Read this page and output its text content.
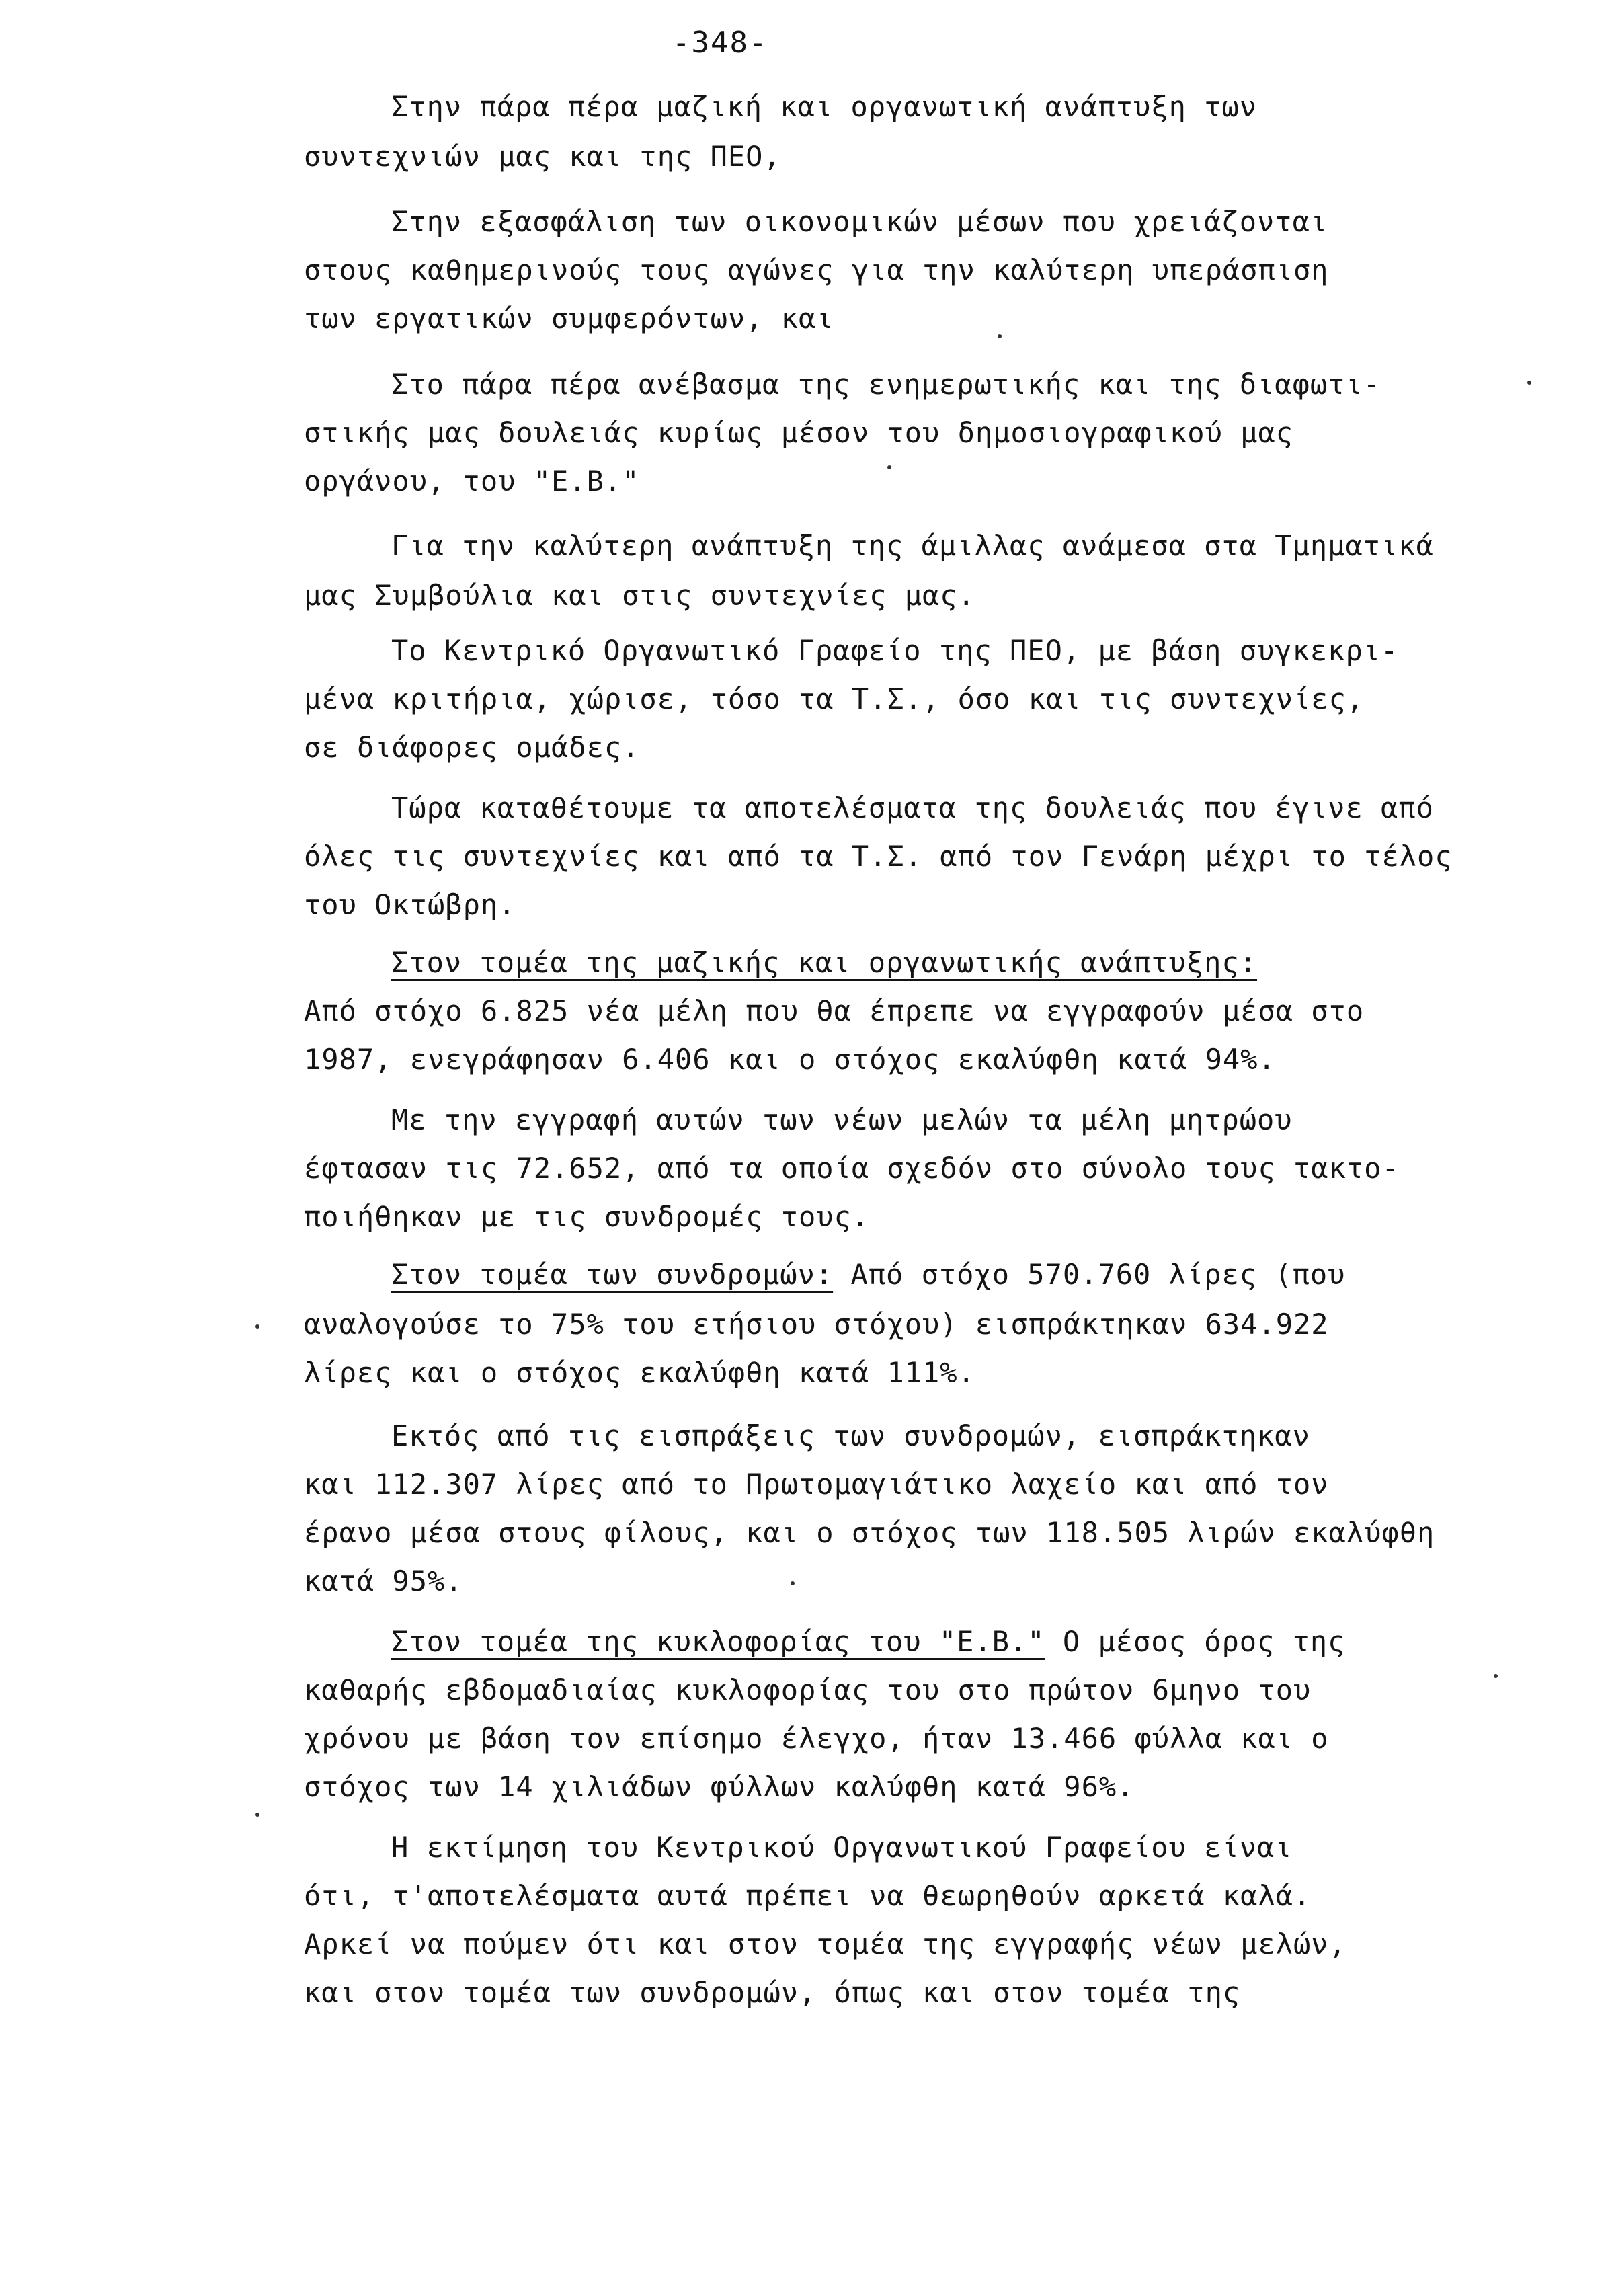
-348-
Στην πάρα πέρα μαζική και οργανωτική ανάπτυξη των
συντεχνιών μας και της ΠΕΟ,
Στην εξασφάλιση των οικονομικών μέσων που χρειάζονται
στους καθημερινούς τους αγώνες για την καλύτερη υπεράσπιση
των εργατικών συμφερόντων, και
Στο πάρα πέρα ανέβασμα της ενημερωτικής και της διαφωτι-
στικής μας δουλειάς κυρίως μέσον του δημοσιογραφικού μας
οργάνου, του "Ε.Β."
Για την καλύτερη ανάπτυξη της άμιλλας ανάμεσα στα Τμηματικά
μας Συμβούλια και στις συντεχνίες μας.
Το Κεντρικό Οργανωτικό Γραφείο της ΠΕΟ, με βάση συγκεκρι-
μένα κριτήρια, χώρισε, τόσο τα Τ.Σ., όσο και τις συντεχνίες,
σε διάφορες ομάδες.
Τώρα καταθέτουμε τα αποτελέσματα της δουλειάς που έγινε από
όλες τις συντεχνίες και από τα Τ.Σ. από τον Γενάρη μέχρι το τέλος
του Οκτώβρη.
Στον τομέα της μαζικής και οργανωτικής ανάπτυξης:
Από στόχο 6.825 νέα μέλη που θα έπρεπε να εγγραφούν μέσα στο
1987, ενεγράφησαν 6.406 και ο στόχος εκαλύφθη κατά 94%.
Με την εγγραφή αυτών των νέων μελών τα μέλη μητρώου
έφτασαν τις 72.652, από τα οποία σχεδόν στο σύνολο τους τακτο-
ποιήθηκαν με τις συνδρομές τους.
Στον τομέα των συνδρομών: Από στόχο 570.760 λίρες (που
αναλογούσε το 75% του ετήσιου στόχου) εισπράκτηκαν 634.922
λίρες και ο στόχος εκαλύφθη κατά 111%.
Εκτός από τις εισπράξεις των συνδρομών, εισπράκτηκαν
και 112.307 λίρες από το Πρωτομαγιάτικο λαχείο και από τον
έρανο μέσα στους φίλους, και ο στόχος των 118.505 λιρών εκαλύφθη
κατά 95%.
Στον τομέα της κυκλοφορίας του "Ε.Β." Ο μέσος όρος της
καθαρής εβδομαδιαίας κυκλοφορίας του στο πρώτον 6μηνο του
χρόνου με βάση τον επίσημο έλεγχο, ήταν 13.466 φύλλα και ο
στόχος των 14 χιλιάδων φύλλων καλύφθη κατά 96%.
Η εκτίμηση του Κεντρικού Οργανωτικού Γραφείου είναι
ότι, τ'αποτελέσματα αυτά πρέπει να θεωρηθούν αρκετά καλά.
Αρκεί να πούμεν ότι και στον τομέα της εγγραφής νέων μελών,
και στον τομέα των συνδρομών, όπως και στον τομέα της
